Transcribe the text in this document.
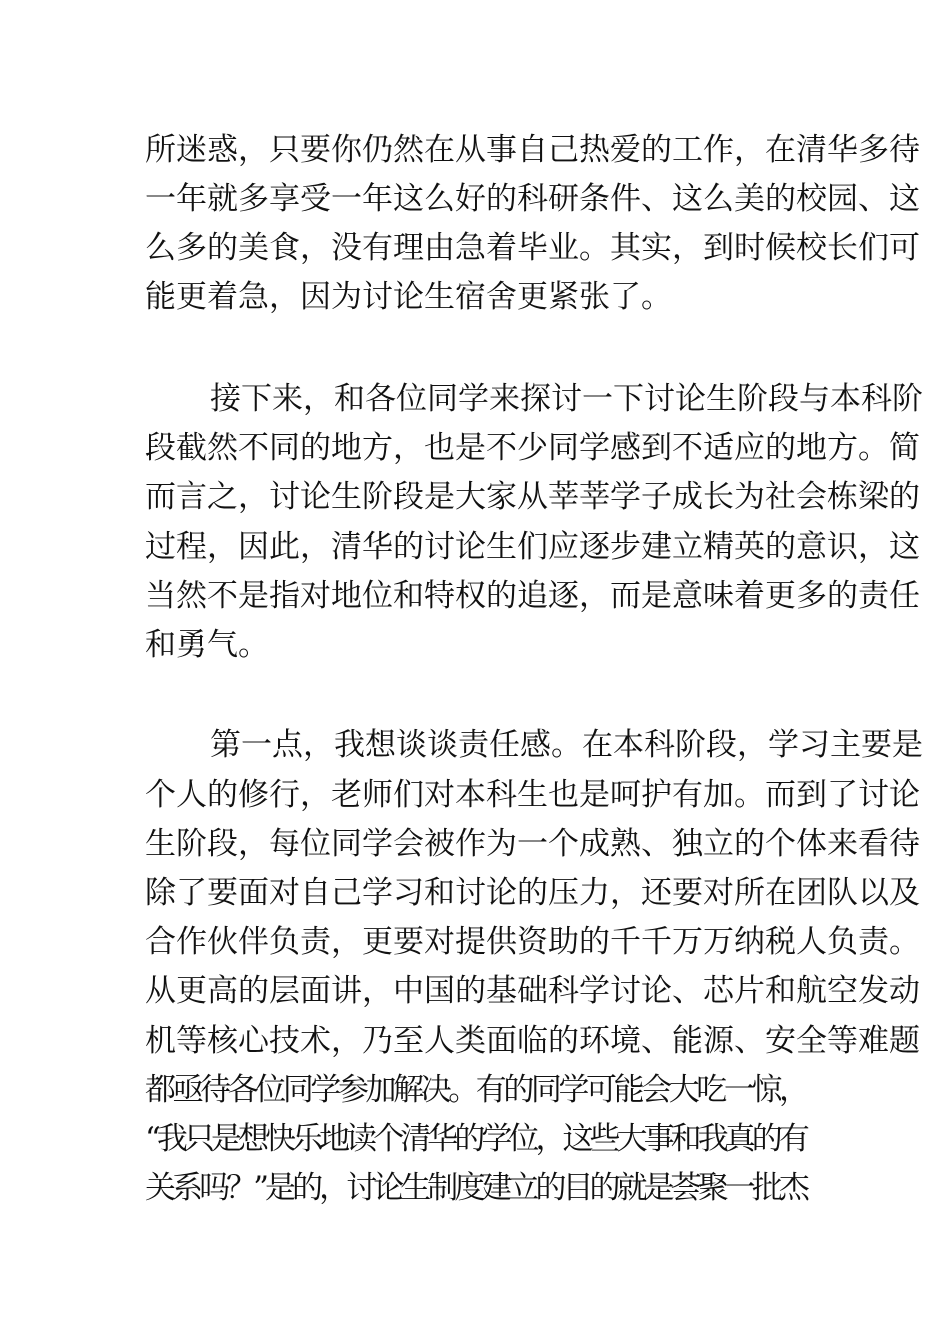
所迷惑，只要你仍然在从事自己热爱的工作，在清华多待
一年就多享受一年这么好的科研条件、这么美的校园、这
么多的美食，没有理由急着毕业。其实，到时候校长们可
能更着急，因为讨论生宿舍更紧张了。
接下来，和各位同学来探讨一下讨论生阶段与本科阶
段截然不同的地方，也是不少同学感到不适应的地方。简
而言之，讨论生阶段是大家从莘莘学子成长为社会栋梁的
过程，因此，清华的讨论生们应逐步建立精英的意识，这
当然不是指对地位和特权的追逐，而是意味着更多的责任
和勇气。
第一点，我想谈谈责任感。在本科阶段，学习主要是
个人的修行，老师们对本科生也是呵护有加。而到了讨论
生阶段，每位同学会被作为一个成熟、独立的个体来看待
除了要面对自己学习和讨论的压力，还要对所在团队以及
合作伙伴负责，更要对提供资助的千千万万纳税人负责。
从更高的层面讲，中国的基础科学讨论、芯片和航空发动
机等核心技术，乃至人类面临的环境、能源、安全等难题
都亟待各位同学参加解决。有的同学可能会大吃一惊，
“我只是想快乐地读个清华的学位，这些大事和我真的有
关系吗？”是的，讨论生制度建立的目的就是荟聚一批杰
